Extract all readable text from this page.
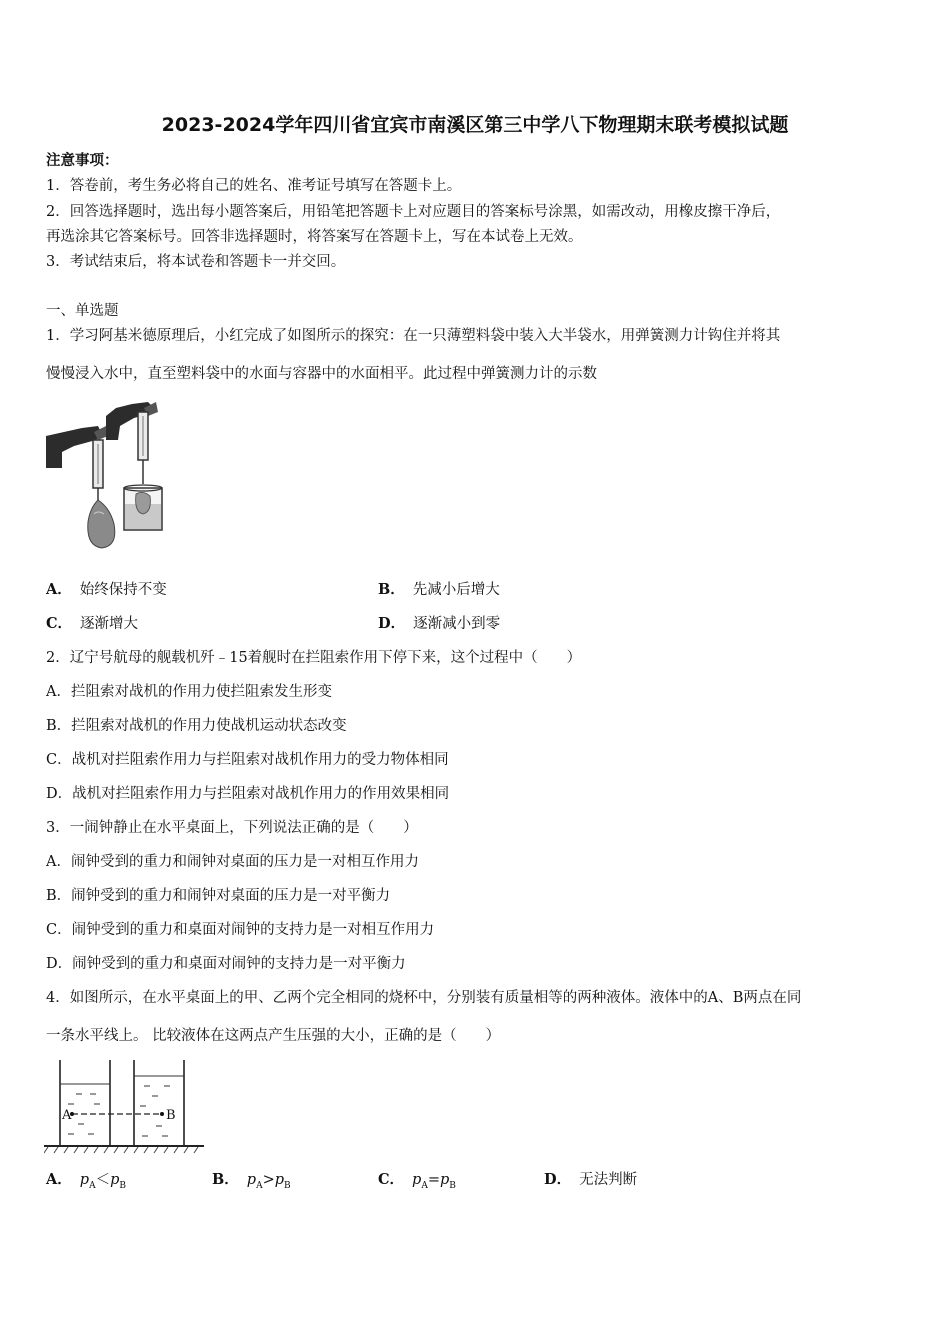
2023-2024学年四川省宜宾市南溪区第三中学八下物理期末联考模拟试题
注意事项：
1．答卷前，考生务必将自己的姓名、准考证号填写在答题卡上。
2．回答选择题时，选出每小题答案后，用铅笔把答题卡上对应题目的答案标号涂黑，如需改动，用橡皮擦干净后，
再选涂其它答案标号。回答非选择题时，将答案写在答题卡上，写在本试卷上无效。
3．考试结束后，将本试卷和答题卡一并交回。
一、单选题
1．学习阿基米德原理后，小红完成了如图所示的探究：在一只薄塑料袋中装入大半袋水，用弹簧测力计钩住并将其
慢慢浸入水中，直至塑料袋中的水面与容器中的水面相平。此过程中弹簧测力计的示数
A． 始终保持不变	B． 先减小后增大
C． 逐渐增大	D． 逐渐减小到零
2．辽宁号航母的舰载机歼﹣15着舰时在拦阻索作用下停下来，这个过程中（　　）
A．拦阻索对战机的作用力使拦阻索发生形变
B．拦阻索对战机的作用力使战机运动状态改变
C．战机对拦阻索作用力与拦阻索对战机作用力的受力物体相同
D．战机对拦阻索作用力与拦阻索对战机作用力的作用效果相同
3．一闹钟静止在水平桌面上，下列说法正确的是（　　）
A．闹钟受到的重力和闹钟对桌面的压力是一对相互作用力
B．闹钟受到的重力和闹钟对桌面的压力是一对平衡力
C．闹钟受到的重力和桌面对闹钟的支持力是一对相互作用力
D．闹钟受到的重力和桌面对闹钟的支持力是一对平衡力
4．如图所示，在水平桌面上的甲、乙两个完全相同的烧杯中，分别装有质量相等的两种液体。液体中的A、B两点在同
一条水平线上。 比较液体在这两点产生压强的大小，正确的是（　　）
A	B
A． $p_A<p_B$	B． $p_A>p_B$	C． $p_A=p_B$	D． 无法判断
